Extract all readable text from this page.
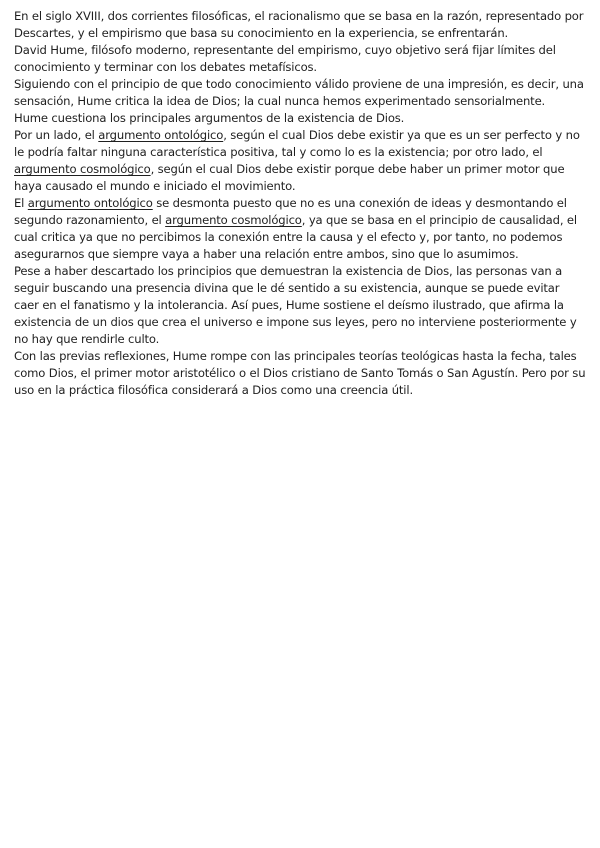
En el siglo XVIII, dos corrientes filosóficas, el racionalismo que se basa en la razón, representado por Descartes, y el empirismo que basa su conocimiento en la experiencia, se enfrentarán.

David Hume, filósofo moderno, representante del empirismo, cuyo objetivo será fijar límites del conocimiento y terminar con los debates metafísicos.

Siguiendo con el principio de que todo conocimiento válido proviene de una impresión, es decir, una sensación, Hume critica la idea de Dios; la cual nunca hemos experimentado sensorialmente.

Hume cuestiona los principales argumentos de la existencia de Dios.

Por un lado, el argumento ontológico, según el cual Dios debe existir ya que es un ser perfecto y no le podría faltar ninguna característica positiva, tal y como lo es la existencia; por otro lado, el argumento cosmológico, según el cual Dios debe existir porque debe haber un primer motor que haya causado el mundo e iniciado el movimiento.

El argumento ontológico se desmonta puesto que no es una conexión de ideas y desmontando el segundo razonamiento, el argumento cosmológico, ya que se basa en el principio de causalidad, el cual critica ya que no percibimos la conexión entre la causa y el efecto y, por tanto, no podemos asegurarnos que siempre vaya a haber una relación entre ambos, sino que lo asumimos.

Pese a haber descartado los principios que demuestran la existencia de Dios, las personas van a seguir buscando una presencia divina que le dé sentido a su existencia, aunque se puede evitar caer en el fanatismo y la intolerancia. Así pues, Hume sostiene el deísmo ilustrado, que afirma la existencia de un dios que crea el universo e impone sus leyes, pero no interviene posteriormente y no hay que rendirle culto.

Con las previas reflexiones, Hume rompe con las principales teorías teológicas hasta la fecha, tales como Dios, el primer motor aristotélico o el Dios cristiano de Santo Tomás o San Agustín. Pero por su uso en la práctica filosófica considerará a Dios como una creencia útil.
